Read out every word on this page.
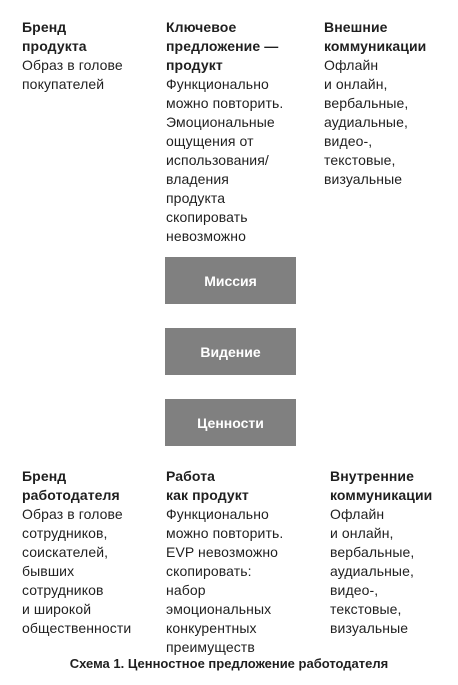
Бренд
продукта
Образ в голове
покупателей
Ключевое
предложение —
продукт
Функционально
можно повторить.
Эмоциональные
ощущения от
использования/
владения
продукта
скопировать
невозможно
Внешние
коммуникации
Офлайн
и онлайн,
вербальные,
аудиальные,
видео-,
текстовые,
визуальные
Миссия
Видение
Ценности
Бренд
работодателя
Образ в голове
сотрудников,
соискателей,
бывших
сотрудников
и широкой
общественности
Работа
как продукт
Функционально
можно повторить.
EVP невозможно
скопировать:
набор
эмоциональных
конкурентных
преимуществ
Внутренние
коммуникации
Офлайн
и онлайн,
вербальные,
аудиальные,
видео-,
текстовые,
визуальные
Схема 1. Ценностное предложение работодателя
